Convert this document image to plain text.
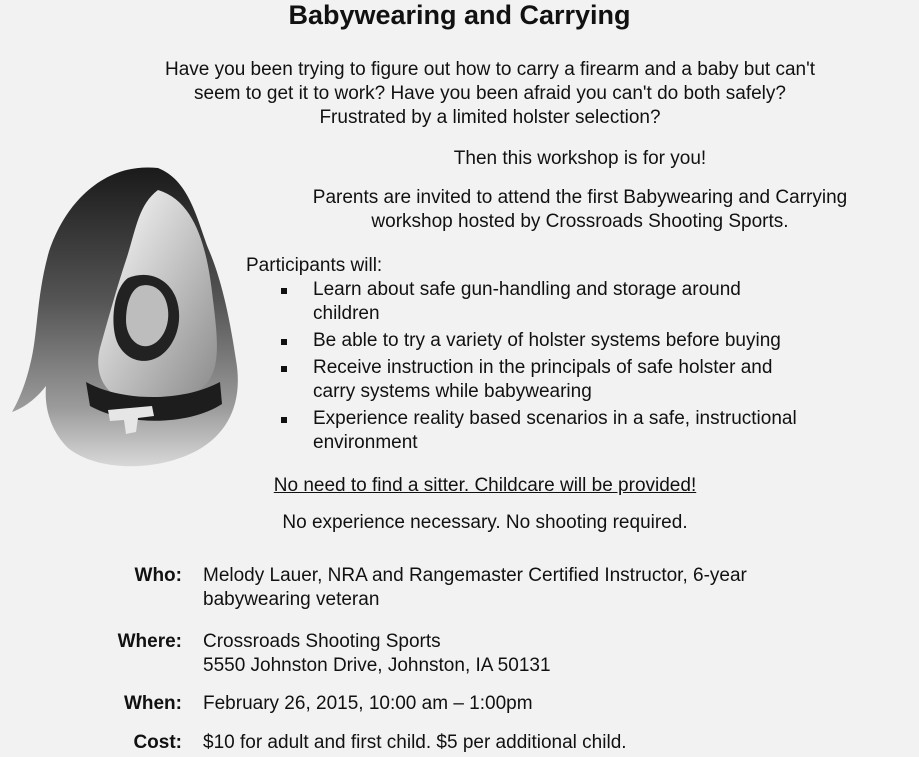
Babywearing and Carrying
Have you been trying to figure out how to carry a firearm and a baby but can't
seem to get it to work? Have you been afraid you can't do both safely?
Frustrated by a limited holster selection?
Then this workshop is for you!
Parents are invited to attend the first Babywearing and Carrying
workshop hosted by Crossroads Shooting Sports.
Participants will:
Learn about safe gun-handling and storage around
children
Be able to try a variety of holster systems before buying
Receive instruction in the principals of safe holster and
carry systems while babywearing
Experience reality based scenarios in a safe, instructional
environment
No need to find a sitter. Childcare will be provided!
No experience necessary. No shooting required.
Who: Melody Lauer, NRA and Rangemaster Certified Instructor, 6-year
babywearing veteran
Where: Crossroads Shooting Sports
5550 Johnston Drive, Johnston, IA 50131
When: February 26, 2015, 10:00 am – 1:00pm
Cost: $10 for adult and first child. $5 per additional child.
